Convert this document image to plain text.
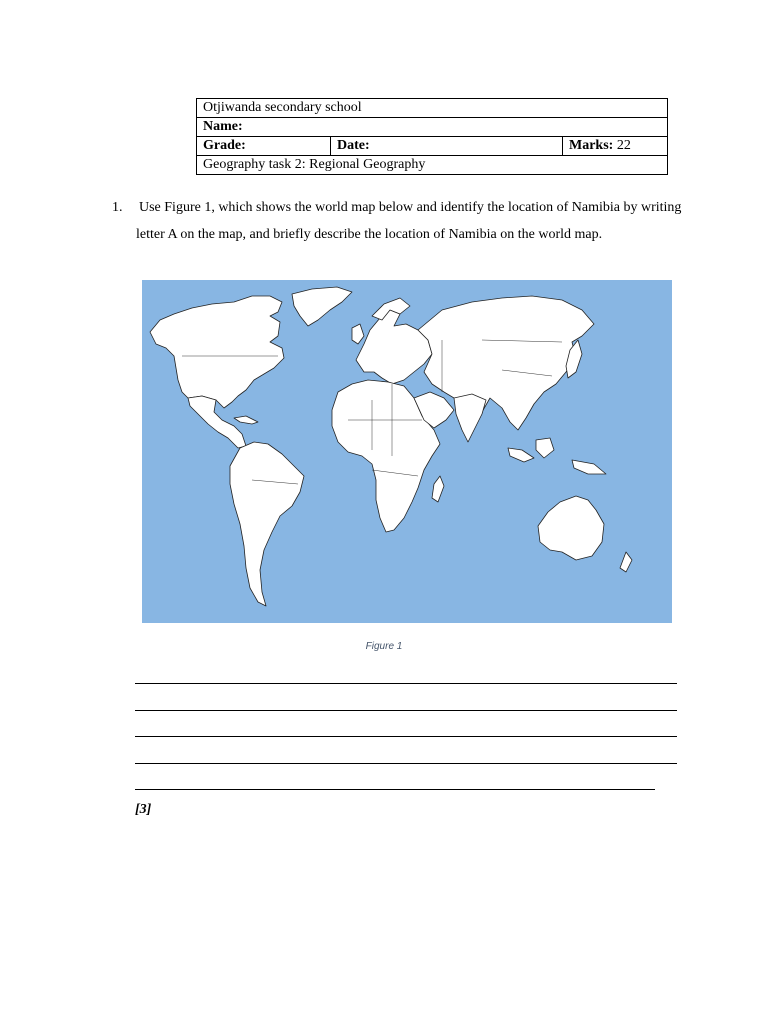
Otjiwanda secondary school
Name:
Grade:	Date:	Marks: 22
Geography task 2: Regional Geography
1. Use Figure 1, which shows the world map below and identify the location of Namibia by writing letter A on the map, and briefly describe the location of Namibia on the world map.
Figure 1
[3]
